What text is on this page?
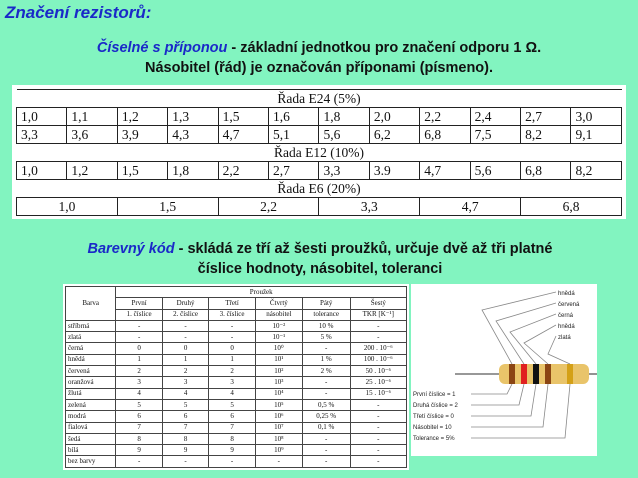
Značení rezistorů:
Číselné s příponou - základní jednotkou pro značení odporu 1 Ω.
Násobitel (řád) je označován příponami (písmeno).
Řada E24 (5%)											
1,0	1,1	1,2	1,3	1,5	1,6	1,8	2,0	2,2	2,4	2,7	3,0
3,3	3,6	3,9	4,3	4,7	5,1	5,6	6,2	6,8	7,5	8,2	9,1
Řada E12 (10%)											
1,0	1,2	1,5	1,8	2,2	2,7	3,3	3.9	4,7	5,6	6,8	8,2
Řada E6 (20%)											
1,0		1,5		2,2		3,3		4,7		6,8	
Barevný kód - skládá ze tří až šesti proužků, určuje dvě až tři platné
číslice hodnoty, násobitel, toleranci
Barva	Proužek					
	První	Druhý	Třetí	Čtvrtý	Pátý	Šestý
	1. číslice	2. číslice	3. číslice	násobitel	tolerance	TKR [K⁻¹]
stříbrná	-	-	-	10⁻²	10 %	-
zlatá	-	-	-	10⁻¹	5 %	-
černá	0	0	0	10⁰	-	200 . 10⁻⁶
hnědá	1	1	1	10¹	1 %	100 . 10⁻⁶
červená	2	2	2	10²	2 %	50 . 10⁻⁶
oranžová	3	3	3	10³	-	25 . 10⁻⁶
žlutá	4	4	4	10⁴	-	15 . 10⁻⁶
zelená	5	5	5	10⁵	0,5 %	-
modrá	6	6	6	10⁶	0,25 %	-
fialová	7	7	7	10⁷	0,1 %	-
šedá	8	8	8	10⁸	-	-
bílá	9	9	9	10⁹	-	-
bez barvy	-	-	-	-	-	-
hnědá
červená
černá
hnědá
zlatá
První číslice = 1
Druhá číslice = 2
Třetí číslice = 0
Násobitel = 10
Tolerance = 5%
